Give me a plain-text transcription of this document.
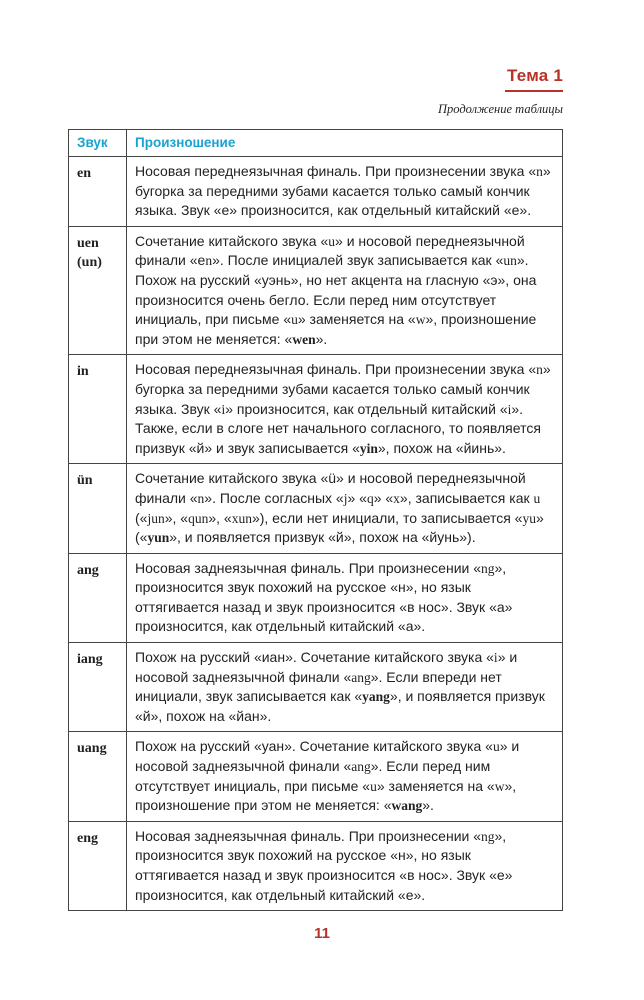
Тема 1
Продолжение таблицы
Звук	Произношение
en	Носовая переднеязычная финаль. При произнесении звука «n» бугорка за передними зубами касается только самый кончик языка. Звук «е» произносится, как отдельный китайский «е».
uen (un)	Сочетание китайского звука «u» и носовой переднеязычной финали «еn». После инициалей звук записывается как «un». Похож на русский «уэнь», но нет акцента на гласную «э», она произносится очень бегло. Если перед ним отсутствует инициаль, при письме «u» заменяется на «w», произношение при этом не меняется: «wen».
in	Носовая переднеязычная финаль. При произнесении звука «n» бугорка за передними зубами касается только самый кончик языка. Звук «i» произносится, как отдельный китайский «i». Также, если в слоге нет начального согласного, то появляется призвук «й» и звук записывается «yin», похож на «йинь».
ün	Сочетание китайского звука «ü» и носовой переднеязычной финали «n». После согласных «j» «q» «x», записывается как u («jun», «qun», «xun»), если нет инициали, то записывается «yu» («yun», и появляется призвук «й», похож на «йунь»).
ang	Носовая заднеязычная финаль. При произнесении «ng», произносится звук похожий на русское «н», но язык оттягивается назад и звук произносится «в нос». Звук «а» произносится, как отдельный китайский «а».
iang	Похож на русский «иан». Сочетание китайского звука «i» и носовой заднеязычной финали «ang». Если впереди нет инициали, звук записывается как «yang», и появляется призвук «й», похож на «йан».
uang	Похож на русский «уан». Сочетание китайского звука «u» и носовой заднеязычной финали «ang». Если перед ним отсутствует инициаль, при письме «u» заменяется на «w», произношение при этом не меняется: «wang».
eng	Носовая заднеязычная финаль. При произнесении «ng», произносится звук похожий на русское «н», но язык оттягивается назад и звук произносится «в нос». Звук «е» произносится, как отдельный китайский «е».
11
